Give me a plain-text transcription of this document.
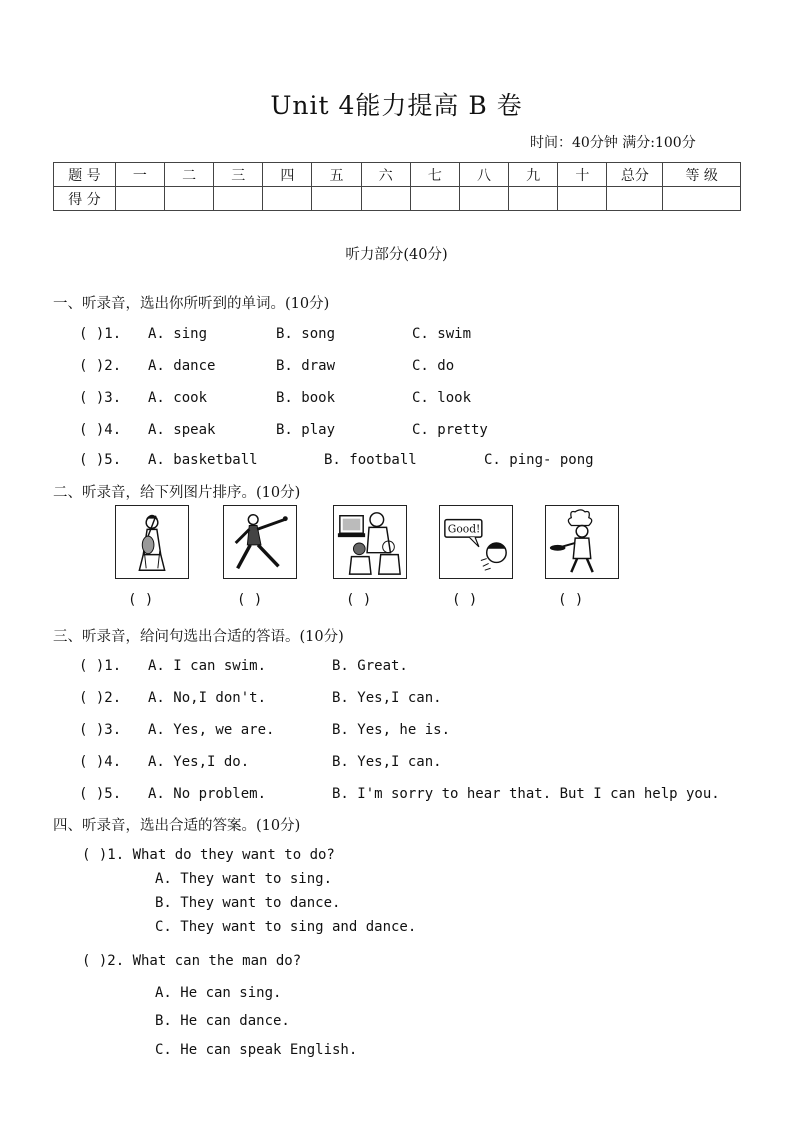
Unit 4能力提高 B 卷
时间：40分钟 满分:100分
题 号	一	二	三	四	五	六	七	八	九	十	总分	等 级
得 分												
听力部分(40分)
一、听录音，选出你所听到的单词。(10分)
( )1. A. sing	B. song	C. swim
( )2. A. dance	B. draw	C. do
( )3. A. cook	B. book	C. look
( )4. A. speak	B. play	C. pretty
( )5. A. basketball	B. football	C. ping- pong
二、听录音，给下列图片排序。(10分)
Good!
( )	( )	( )	( )	( )
三、听录音，给问句选出合适的答语。(10分)
( )1. A. I can swim.	B. Great.
( )2. A. No,I don't.	B. Yes,I can.
( )3. A. Yes, we are.	B. Yes, he is.
( )4. A. Yes,I do.	B. Yes,I can.
( )5. A. No problem.	B. I'm sorry to hear that. But I can help you.
四、听录音，选出合适的答案。(10分)
( )1. What do they want to do?
A. They want to sing.
B. They want to dance.
C. They want to sing and dance.
( )2. What can the man do?
A. He can sing.
B. He can dance.
C. He can speak English.
